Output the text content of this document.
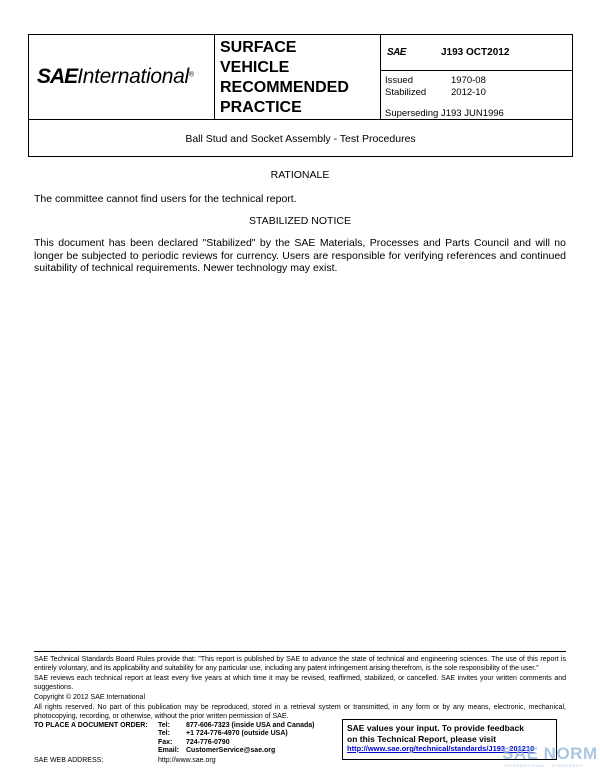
SAEInternational®
SURFACE
VEHICLE
RECOMMENDED
PRACTICE
SAE	J193 OCT2012
Issued	1970-08
Stabilized	2012-10
Superseding J193 JUN1996
Ball Stud and Socket Assembly - Test Procedures
RATIONALE
The committee cannot find users for the technical report.
STABILIZED NOTICE
This document has been declared "Stabilized" by the SAE Materials, Processes and Parts Council and will no longer be subjected to periodic reviews for currency. Users are responsible for verifying references and continued suitability of technical requirements. Newer technology may exist.
SAE Technical Standards Board Rules provide that: "This report is published by SAE to advance the state of technical and engineering sciences. The use of this report is entirely voluntary, and its applicability and suitability for any particular use, including any patent infringement arising therefrom, is the sole responsibility of the user."
SAE reviews each technical report at least every five years at which time it may be revised, reaffirmed, stabilized, or cancelled. SAE invites your written comments and suggestions.
Copyright © 2012 SAE International
All rights reserved. No part of this publication may be reproduced, stored in a retrieval system or transmitted, in any form or by any means, electronic, mechanical, photocopying, recording, or otherwise, without the prior written permission of SAE.
TO PLACE A DOCUMENT ORDER: Tel: 877-606-7323 (inside USA and Canada)
Tel: +1 724-776-4970 (outside USA)
Fax: 724-776-0790
Email: CustomerService@sae.org
SAE WEB ADDRESS:	http://www.sae.org
SAE values your input. To provide feedback
on this Technical Report, please visit
http://www.sae.org/technical/standards/J193_201210
SAE NORM
INTERNATIONAL · STANDARDS
